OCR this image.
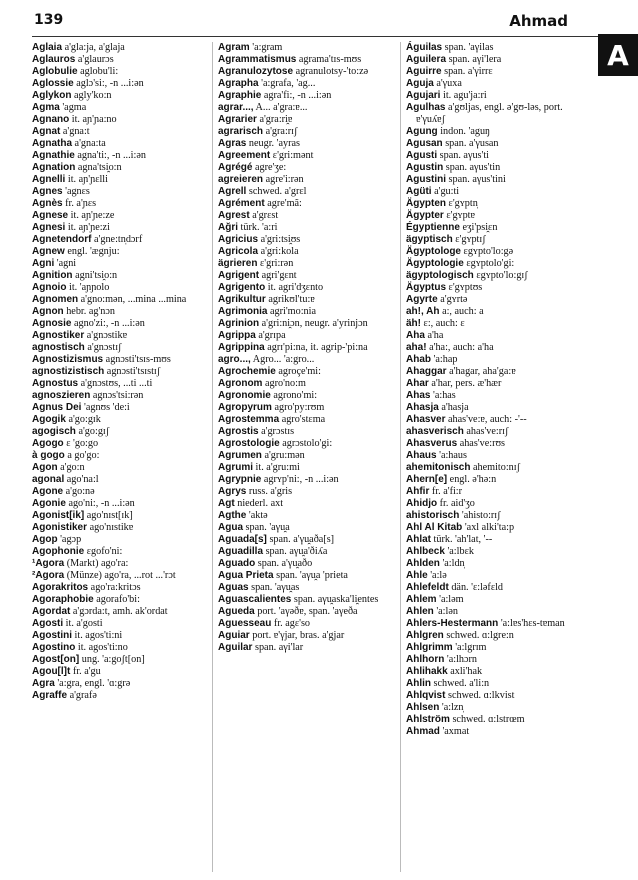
139	Ahmad
A

Aglaia a'gla:ja, a'glaja

Aglauros a'glaurɔs

Aglobulie aglobu'li:

Aglossie aglɔ'si:, -n ...i:ən

Aglykon agly'ko:n

Agma 'agma

Agnano it. aɲ'ɲa:no

Agnat a'gna:t

Agnatha a'gna:ta

Agnathie agna'ti:, -n ...i:ən

Agnation agna'tsi̯o:n

Agnelli it. aɲ'ɲɛlli

Agnes 'agnɛs

Agnès fr. a'ɲɛs

Agnese it. aɲ'ɲe:ze

Agnesi it. aɲ'ɲe:zi

Agnetendorf a'gne:tn̩dɔrf

Agnew engl. 'ægnju:

Agni 'agni

Agnition agni'tsi̯o:n

Agnoio it. 'aɲɲolo

Agnomen a'gno:mən, ...mina ...mina

Agnon hebr. ag'nɔn

Agnosie agno'zi:, -n ...i:ən

Agnostiker a'gnɔstikɐ

agnostisch a'gnɔstɪʃ

Agnostizismus agnɔsti'tsɪs-mʊs

agnostizistisch agnɔsti'tsɪstɪʃ

Agnostus a'gnɔstʊs, ...ti ...ti

agnoszieren agnɔs'tsi:rən

Agnus Dei 'agnʊs 'de:i

Agogik a'go:gɪk

agogisch a'go:gɪʃ

Agogo ɛ 'go:go

à gogo a go'go:

Agon a'go:n

agonal ago'na:l

Agone a'go:nə

Agonie ago'ni:, -n ...i:ən

Agonist[ik] ago'nɪst[ɪk]

Agonistiker ago'nɪstikɐ

Agop 'agɔp

Agophonie ɛgofo'ni:

¹Agora (Markt) ago'ra:

²Agora (Münze) ago'ra, ...rot ...'rɔt

Agorakritos ago'ra:kritɔs

Agoraphobie agorafo'bi:

Agordat a'gɔrda:t, amh. ak'ordat

Agosti it. a'gosti

Agostini it. agos'ti:ni

Agostino it. agos'ti:no

Agost[on] ung. 'a:goʃt[on]

Agou[l]t fr. a'gu

Agra 'a:gra, engl. 'ɑ:grə

Agraffe a'grafə

Agram 'a:gram

Agrammatismus agrama'tɪs-mʊs

Agranulozytose agranulotsy-'to:zə

Agrapha 'a:grafa, 'ag...

Agraphie agra'fi:, -n ...i:ən

agrar..., A... a'gra:ɐ...

Agrarier a'gra:ri̯ɐ

agrarisch a'gra:rɪʃ

Agras neugr. 'ayras

Agreement ɛ'gri:mənt

Agrégé agre'ʒe:

agreieren agre'i:rən

Agrell schwed. a'grɛl

Agrément agre'mã:

Agrest a'grɛst

Ağri türk. 'a:ri

Agricius a'gri:tsi̯ʊs

Agricola a'gri:kola

ägrieren ɛ'gri:rən

Agrigent agri'gɛnt

Agrigento it. agri'dʒɛnto

Agrikultur agrikʊl'tu:ɐ

Agrimonia agri'mo:nia

Agrinion a'gri:ni̯ɔn, neugr. a'yrinjɔn

Agrippa a'grɪpa

Agrippina agrɪ'pi:na, it. agrip-'pi:na

agro..., Agro... 'a:gro...

Agrochemie agroçe'mi:

Agronom agro'no:m

Agronomie agrono'mi:

Agropyrum agro'py:rʊm

Agrostemma agro'stɛma

Agrostis a'grɔstɪs

Agrostologie agrɔstolo'gi:

Agrumen a'gru:mən

Agrumi it. a'gru:mi

Agrypnie agrʏp'ni:, -n ...i:ən

Agrys russ. a'gris

Agt niederl. axt

Agthe 'aktə

Agua span. 'aγu̯a

Aguada[s] span. a'γu̯aða[s]

Aguadilla span. aγu̯a'ðiʎa

Aguado span. a'γu̯aðo

Agua Prieta span. 'aγu̯a 'prieta

Aguas span. 'aγu̯as

Aguascalientes span. aγu̯aska'li̯entes

Agueda port. 'aγəðɐ, span. 'aγeða

Aguesseau fr. agɛ'so

Aguiar port. ɐ'γjar, bras. a'gjar

Aguilar span. aγi'lar

Águilas span. 'aγilas

Aguilera span. aγi'lera

Aguirre span. a'γirrɛ

Aguja a'γuxa

Agujari it. agu'ja:ri

Agulhas a'gʊljas, engl. ə'gʊ-ləs, port. ɐ'γuʎɐʃ

Agung indon. 'aguŋ

Agusan span. a'γusan

Agusti span. aγus'ti

Agustin span. aγus'tin

Agustini span. aγus'tini

Agüti a'gu:ti

Ägypten ɛ'gʏptn̩

Ägypter ɛ'gʏptɐ

Égyptienne eʒi'psi̯ɛn

ägyptisch ɛ'gʏptɪʃ

Ägyptologe ɛgʏpto'lo:gə

Ägyptologie ɛgʏptolo'gi:

ägyptologisch ɛgʏpto'lo:gɪʃ

Ägyptus ɛ'gʏptʊs

Agyrte a'gʏrtə

ah!, Ah a:, auch: a

äh! ɛ:, auch: ɛ

Aha a'ha

aha! a'ha:, auch: a'ha

Ahab 'a:hap

Ahaggar a'hagar, aha'ga:ɐ

Ahar a'har, pers. æ'hær

Ahas 'a:has

Ahasja a'hasja

Ahasver ahas've:ɐ, auch: -'--

ahasverisch ahas've:rɪʃ

Ahasverus ahas've:rʊs

Ahaus 'a:haus

ahemitonisch ahemito:nɪʃ

Ahern[e] engl. ə'hə:n

Ahfir fr. a'fi:r

Ahidjo fr. aid'ʒo

ahistorisch 'ahisto:rɪʃ

Ahl Al Kitab 'axl alki'ta:p

Ahlat türk. 'ah'lat, '--

Ahlbeck 'a:lbɛk

Ahlden 'a:ldn̩

Ahle 'a:lə

Ahlefeldt dän. 'ɛ:ləfɛld

Ahlem 'a:ləm

Ahlen 'a:lən

Ahlers-Hestermann 'a:lɐs'hɛs-tɐman

Ahlgren schwed. ɑ:lgre:n

Ahlgrimm 'a:lgrɪm

Ahlhorn 'a:lhɔrn

Ahlihakk axli'hak

Ahlin schwed. a'li:n

Ahlqvist schwed. ɑ:lkvist

Ahlsen 'a:lzn̩

Ahlström schwed. ɑ:lstrœm

Ahmad 'axmat
